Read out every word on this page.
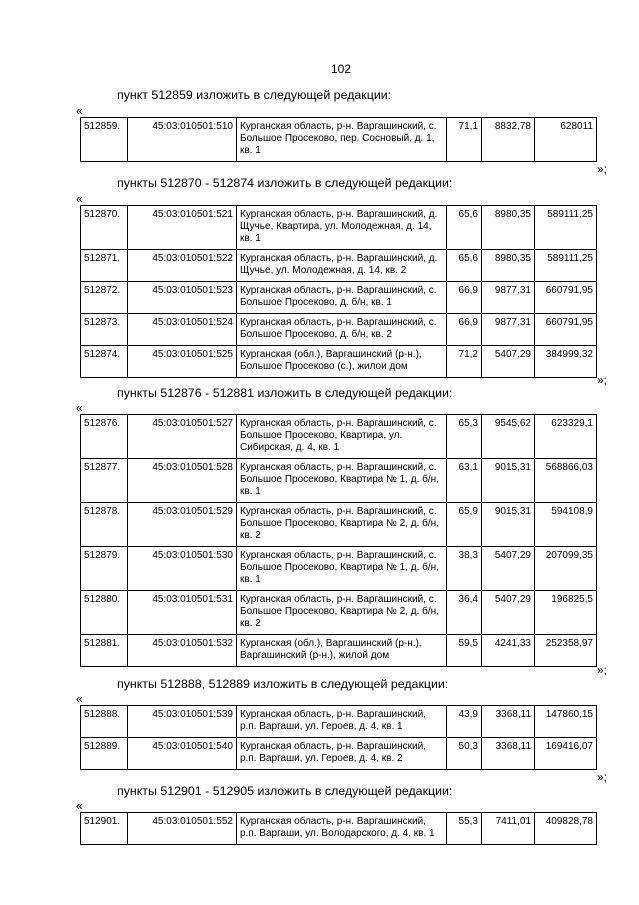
102
пункт 512859 изложить в следующей редакции:
«
512859.	45:03:010501:510	Курганская область, р-н. Варгашинский, с. Большое Просеково, пер. Сосновый, д. 1, кв. 1	71,1	8832,78	628011
»;
пункты 512870 - 512874 изложить в следующей редакции:
«
512870.	45:03:010501:521	Курганская область, р-н. Варгашинский, д. Щучье, Квартира, ул. Молодежная, д. 14, кв. 1	65,6	8980,35	589111,25
512871.	45:03:010501:522	Курганская область, р-н. Варгашинский, д. Щучье, ул. Молодежная, д. 14, кв. 2	65,6	8980,35	589111,25
512872.	45:03:010501:523	Курганская область, р-н. Варгашинский, с. Большое Просеково, д. б/н, кв. 1	66,9	9877,31	660791,95
512873.	45:03:010501:524	Курганская область, р-н. Варгашинский, с. Большое Просеково, д. б/н, кв. 2	66,9	9877,31	660791,95
512874.	45:03:010501:525	Курганская (обл.), Варгашинский (р-н.), Большое Просеково (с.), жилои дом	71,2	5407,29	384999,32
»;
пункты 512876 - 512881 изложить в следующей редакции:
«
512876.	45:03:010501:527	Курганская область, р-н. Варгашинский, с. Большое Просеково, Квартира, ул. Сибирская, д. 4, кв. 1	65,3	9545,62	623329,1
512877.	45:03:010501:528	Курганская область, р-н. Варгашинский, с. Большое Просеково, Квартира № 1, д. б/н, кв. 1	63,1	9015,31	568866,03
512878.	45:03:010501:529	Курганская область, р-н. Варгашинский, с. Большое Просеково, Квартира № 2, д. б/н, кв. 2	65,9	9015,31	594108,9
512879.	45:03:010501:530	Курганская область, р-н. Варгашинский, с. Большое Просеково, Квартира № 1, д. б/н, кв. 1	38,3	5407,29	207099,35
512880.	45:03:010501:531	Курганская область, р-н. Варгашинский, с. Большое Просеково, Квартира № 2, д. б/н, кв. 2	36,4	5407,29	196825,5
512881.	45:03:010501:532	Курганская (обл.), Варгашинский (р-н.), Варгашинский (р-н.), жилой дом	59,5	4241,33	252358,97
»;
пункты 512888, 512889 изложить в следующей редакции:
«
512888.	45:03:010501:539	Курганская область, р-н. Варгашинский, р.п. Варгаши, ул. Героев, д. 4, кв. 1	43,9	3368,11	147860,15
512889.	45:03:010501:540	Курганская область, р-н. Варгашинский, р.п. Варгаши, ул. Героев, д. 4, кв. 2	50,3	3368,11	169416,07
»;
пункты 512901 - 512905 изложить в следующей редакции:
«
512901.	45:03:010501:552	Курганская область, р-н. Варгашинский, р.п. Варгаши, ул. Володарского, д. 4, кв. 1	55,3	7411,01	409828,78
